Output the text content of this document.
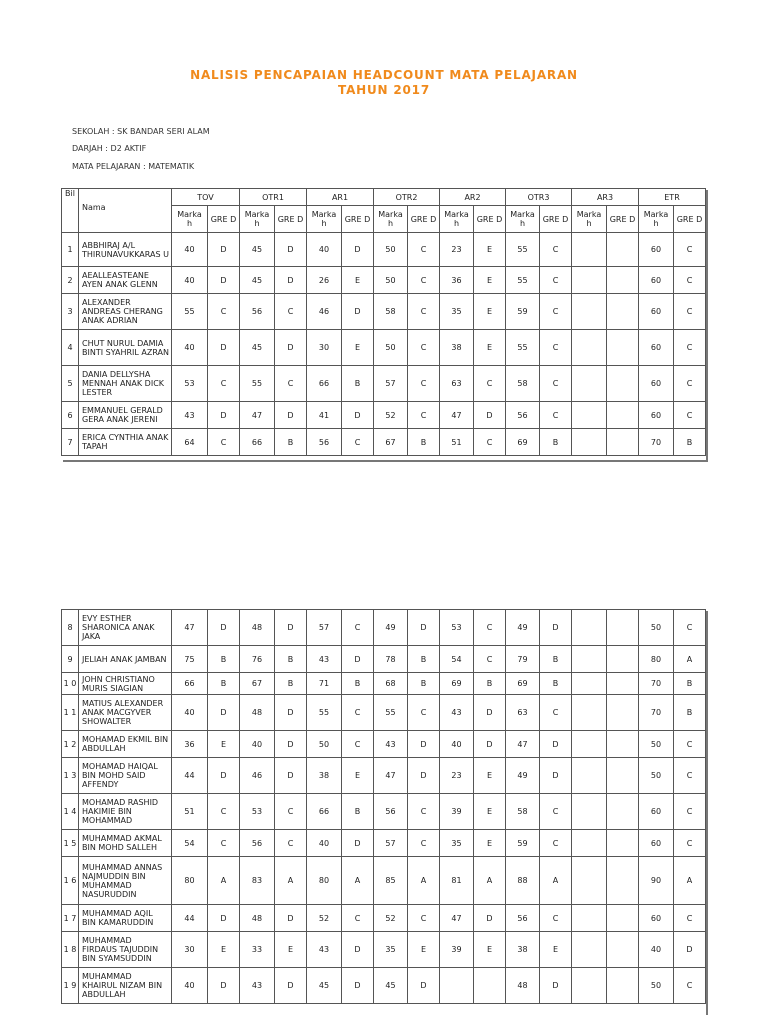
NALISIS PENCAPAIAN HEADCOUNT MATA PELAJARAN
TAHUN 2017
SEKOLAH : SK BANDAR SERI ALAM
DARJAH : D2 AKTIF
MATA PELAJARAN : MATEMATIK
Bil	Nama	TOV		OTR1		AR1		OTR2		AR2		OTR3		AR3		ETR	
		Marka h	GRE D	Marka h	GRE D	Marka h	GRE D	Marka h	GRE D	Marka h	GRE D	Marka h	GRE D	Marka h	GRE D	Marka h	GRE D
1	ABBHIRAJ A/L THIRUNAVUKKARAS U	40	D	45	D	40	D	50	C	23	E	55	C			60	C
2	AEALLEASTEANE AYEN ANAK GLENN	40	D	45	D	26	E	50	C	36	E	55	C			60	C
3	ALEXANDER ANDREAS CHERANG ANAK ADRIAN	55	C	56	C	46	D	58	C	35	E	59	C			60	C
4	CHUT NURUL DAMIA BINTI SYAHRIL AZRAN	40	D	45	D	30	E	50	C	38	E	55	C			60	C
5	DANIA DELLYSHA MENNAH ANAK DICK LESTER	53	C	55	C	66	B	57	C	63	C	58	C			60	C
6	EMMANUEL GERALD GERA ANAK JERENI	43	D	47	D	41	D	52	C	47	D	56	C			60	C
7	ERICA CYNTHIA ANAK TAPAH	64	C	66	B	56	C	67	B	51	C	69	B			70	B
8	EVY ESTHER SHARONICA ANAK JAKA	47	D	48	D	57	C	49	D	53	C	49	D			50	C
9	JELIAH ANAK JAMBAN	75	B	76	B	43	D	78	B	54	C	79	B			80	A
1 0	JOHN CHRISTIANO MURIS SIAGIAN	66	B	67	B	71	B	68	B	69	B	69	B			70	B
1 1	MATIUS ALEXANDER ANAK MACGYVER SHOWALTER	40	D	48	D	55	C	55	C	43	D	63	C			70	B
1 2	MOHAMAD EKMIL BIN ABDULLAH	36	E	40	D	50	C	43	D	40	D	47	D			50	C
1 3	MOHAMAD HAIQAL BIN MOHD SAID AFFENDY	44	D	46	D	38	E	47	D	23	E	49	D			50	C
1 4	MOHAMAD RASHID HAKIMIE BIN MOHAMMAD	51	C	53	C	66	B	56	C	39	E	58	C			60	C
1 5	MUHAMMAD AKMAL BIN MOHD SALLEH	54	C	56	C	40	D	57	C	35	E	59	C			60	C
1 6	MUHAMMAD ANNAS NAJMUDDIN BIN MUHAMMAD NASURUDDIN	80	A	83	A	80	A	85	A	81	A	88	A			90	A
1 7	MUHAMMAD AQIL BIN KAMARUDDIN	44	D	48	D	52	C	52	C	47	D	56	C			60	C
1 8	MUHAMMAD FIRDAUS TAJUDDIN BIN SYAMSUDDIN	30	E	33	E	43	D	35	E	39	E	38	E			40	D
1 9	MUHAMMAD KHAIRUL NIZAM BIN ABDULLAH	40	D	43	D	45	D	45	D			48	D			50	C
